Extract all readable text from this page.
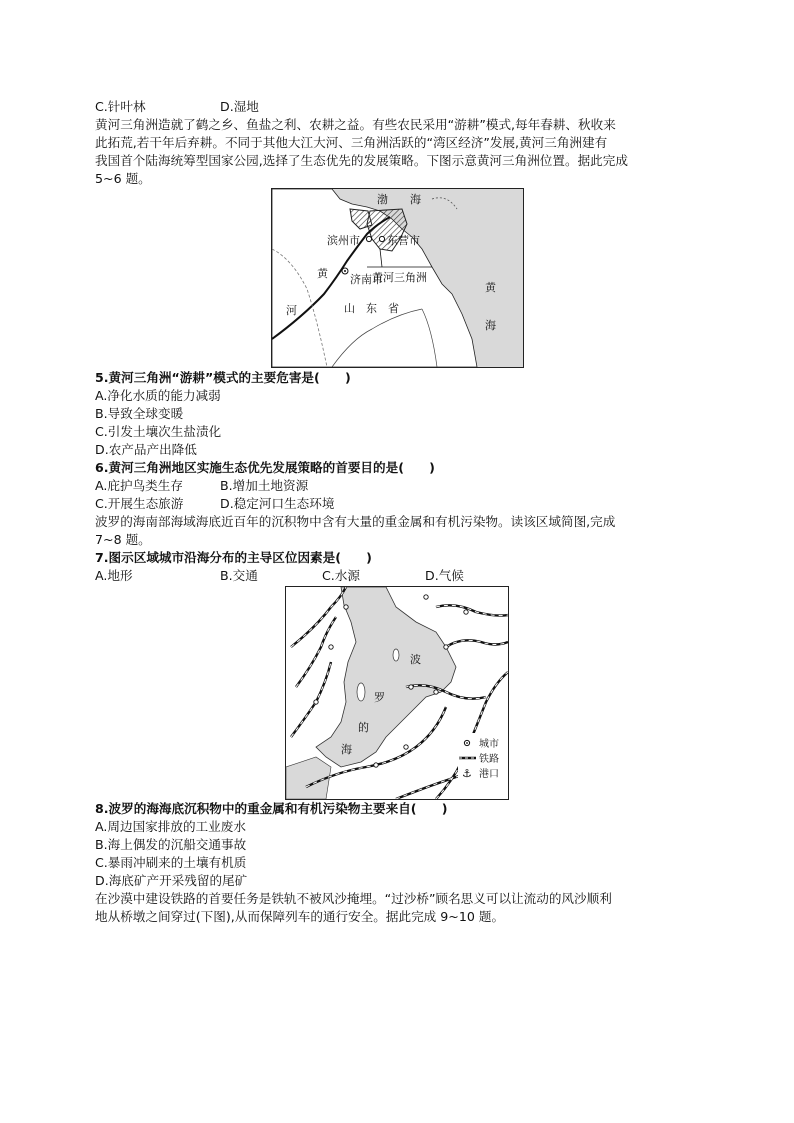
C.针叶林	D.湿地
黄河三角洲造就了鹤之乡、鱼盐之利、农耕之益。有些农民采用“游耕”模式,每年春耕、秋收来
此拓荒,若干年后弃耕。不同于其他大江大河、三角洲活跃的“湾区经济”发展,黄河三角洲建有
我国首个陆海统筹型国家公园,选择了生态优先的发展策略。下图示意黄河三角洲位置。据此完成
5~6 题。
渤　　海
滨州市 东营市
黄 济南市
黄河三角洲
河	山　东　省
黄
海
5.黄河三角洲“游耕”模式的主要危害是(　　)
A.净化水质的能力减弱
B.导致全球变暖
C.引发土壤次生盐渍化
D.农产品产出降低
6.黄河三角洲地区实施生态优先发展策略的首要目的是(　　)
A.庇护鸟类生存	B.增加土地资源
C.开展生态旅游	D.稳定河口生态环境
波罗的海南部海域海底近百年的沉积物中含有大量的重金属和有机污染物。读该区域简图,完成
7~8 题。
7.图示区域城市沿海分布的主导区位因素是(　　)
A.地形	B.交通	C.水源	D.气候
波
罗
的
海	城市
铁路
⚓ 港口
8.波罗的海海底沉积物中的重金属和有机污染物主要来自(　　)
A.周边国家排放的工业废水
B.海上偶发的沉船交通事故
C.暴雨冲刷来的土壤有机质
D.海底矿产开采残留的尾矿
在沙漠中建设铁路的首要任务是铁轨不被风沙掩埋。“过沙桥”顾名思义可以让流动的风沙顺利
地从桥墩之间穿过(下图),从而保障列车的通行安全。据此完成 9~10 题。
